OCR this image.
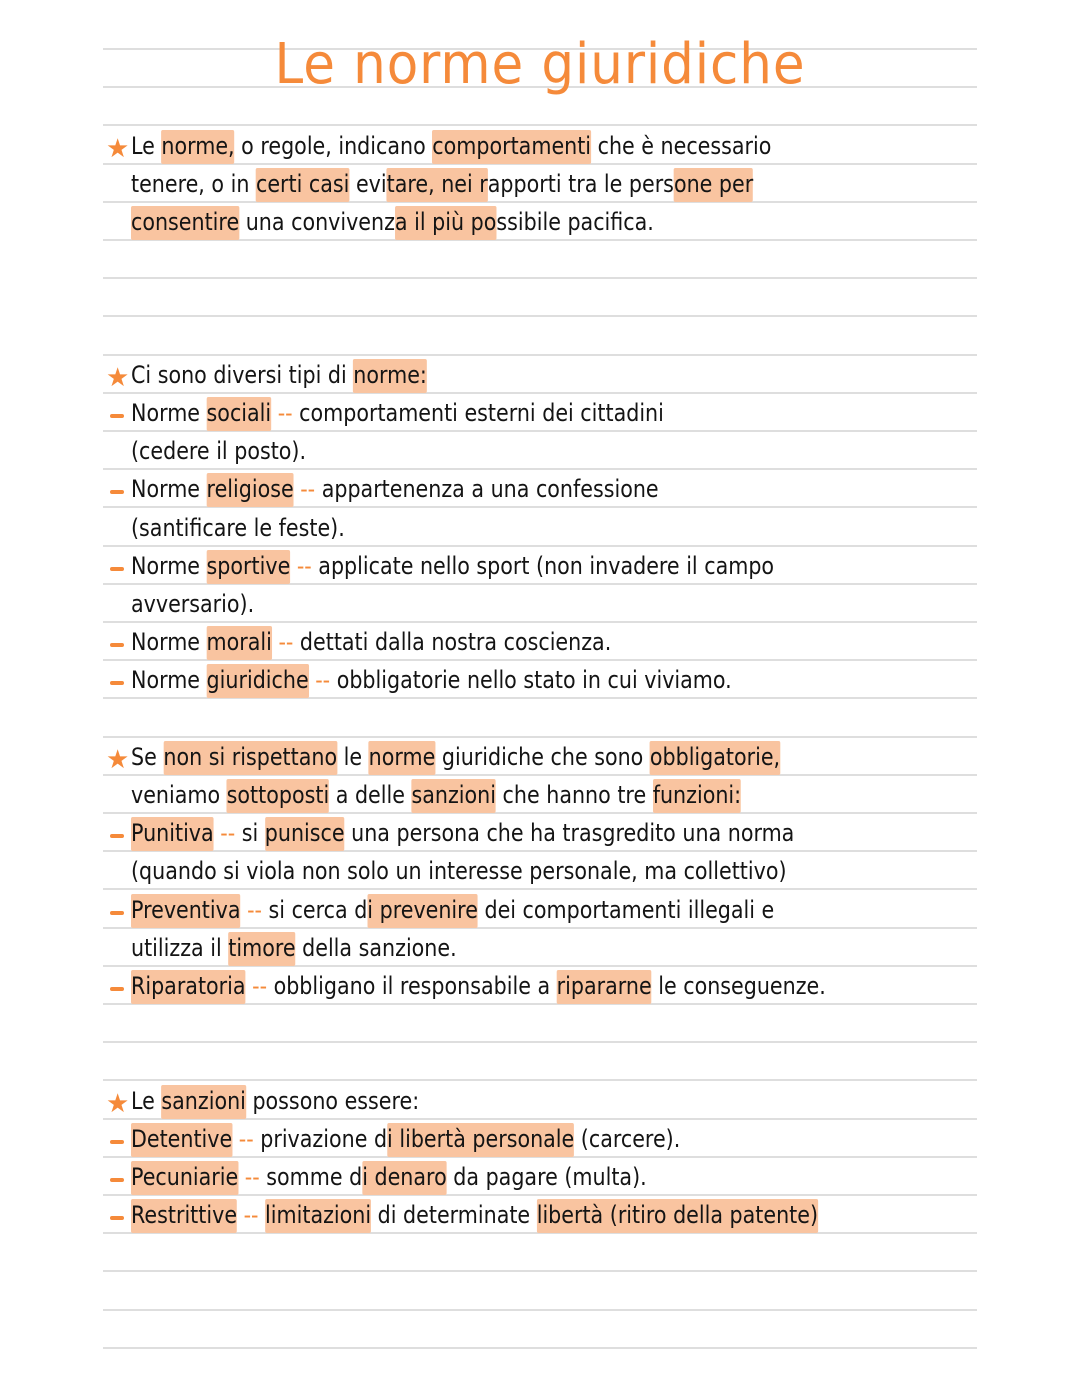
Le norme giuridiche
Le norme, o regole, indicano comportamenti che è necessario
★
tenere, o in certi casi evitare, nei rapporti tra le persone per
consentire una convivenza il più possibile pacifica.
Ci sono diversi tipi di norme:
★
Norme sociali -- comportamenti esterni dei cittadini
(cedere il posto).
Norme religiose -- appartenenza a una confessione
(santificare le feste).
Norme sportive -- applicate nello sport (non invadere il campo
avversario).
Norme morali -- dettati dalla nostra coscienza.
Norme giuridiche -- obbligatorie nello stato in cui viviamo.
Se non si rispettano le norme giuridiche che sono obbligatorie,
★
veniamo sottoposti a delle sanzioni che hanno tre funzioni:
Punitiva -- si punisce una persona che ha trasgredito una norma
(quando si viola non solo un interesse personale, ma collettivo)
Preventiva -- si cerca di prevenire dei comportamenti illegali e
utilizza il timore della sanzione.
Riparatoria -- obbligano il responsabile a ripararne le conseguenze.
Le sanzioni possono essere:
★
Detentive -- privazione di libertà personale (carcere).
Pecuniarie -- somme di denaro da pagare (multa).
Restrittive -- limitazioni di determinate libertà (ritiro della patente)
